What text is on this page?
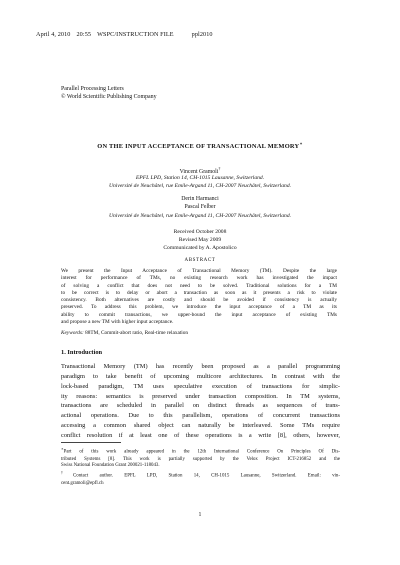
April 4, 2010 20:55 WSPC/INSTRUCTION FILE	ppl2010
Parallel Processing Letters
© World Scientific Publishing Company
ON THE INPUT ACCEPTANCE OF TRANSACTIONAL MEMORY∗
Vincent Gramoli†
EPFL LPD, Station 14, CH-1015 Lausanne, Switzerland.
Université de Neuchâtel, rue Emile-Argand 11, CH-2007 Neuchâtel, Switzerland.
Derin Harmanci
Pascal Felber
Université de Neuchâtel, rue Emile-Argand 11, CH-2007 Neuchâtel, Switzerland.
Received October 2008
Revised May 2009
Communicated by A. Apostolico
ABSTRACT
We present the Input Acceptance of Transactional Memory (TM). Despite the large
interest for performance of TMs, no existing research work has investigated the impact
of solving a conflict that does not need to be solved. Traditional solutions for a TM
to be correct is to delay or abort a transaction as soon as it presents a risk to violate
consistency. Both alternatives are costly and should be avoided if consistency is actually
preserved. To address this problem, we introduce the input acceptance of a TM as its
ability to commit transactions, we upper-bound the input acceptance of existing TMs
and propose a new TM with higher input acceptance.
Keywords: 88TM, Commit-abort ratio, Real-time relaxation
1. Introduction
Transactional Memory (TM) has recently been proposed as a parallel programming
paradigm to take benefit of upcoming multicore architectures. In contrast with the
lock-based paradigm, TM uses speculative execution of transactions for simplic-
ity reasons: semantics is preserved under transaction composition. In TM systems,
transactions are scheduled in parallel on distinct threads as sequences of trans-
actional operations. Due to this parallelism, operations of concurrent transactions
accessing a common shared object can naturally be interleaved. Some TMs require
conflict resolution if at least one of these operations is a write [8], others, however,
∗Part of this work already appeared in the 12th International Conference On Principles Of Dis-
tributed Systems [8]. This work is partially supported by the Velox Project ICT-216852 and the
Swiss National Foundation Grant 200021-118043.
†Contact author. EPFL LPD, Station 14, CH-1015 Lausanne, Switzerland. Email: vin-
cent.gramoli@epfl.ch
1
